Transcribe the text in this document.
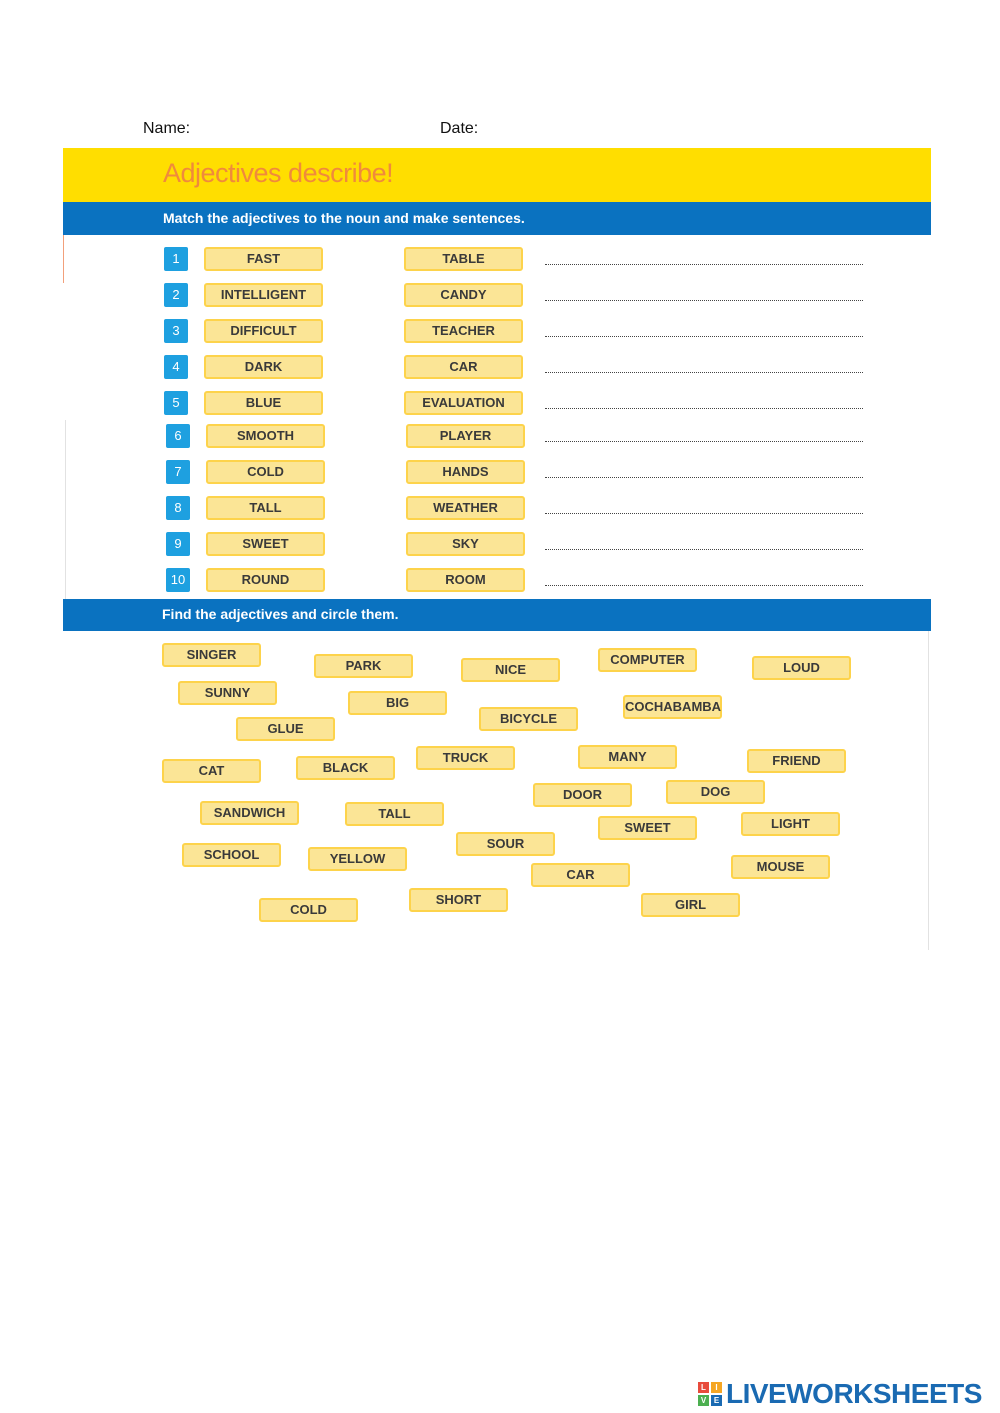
Name:	Date:
Adjectives describe!
Match the adjectives to the noun and make sentences.
1	FAST	TABLE
2	INTELLIGENT	CANDY
3	DIFFICULT	TEACHER
4	DARK	CAR
5	BLUE	EVALUATION
6	SMOOTH	PLAYER
7	COLD	HANDS
8	TALL	WEATHER
9	SWEET	SKY
10	ROUND	ROOM
Find the adjectives and circle them.
SINGER
PARK	NICE
COMPUTER
LOUD
SUNNY
BIG
BICYCLE
COCHABAMBA
GLUE
CAT	BLACK
TRUCK	MANY	FRIEND
DOOR	DOG
SANDWICH	TALL
SWEET	LIGHT
SOUR
SCHOOL	YELLOW
CAR
MOUSE
SHORT	GIRL
COLD
L	I
V E LIVEWORKSHEETS
